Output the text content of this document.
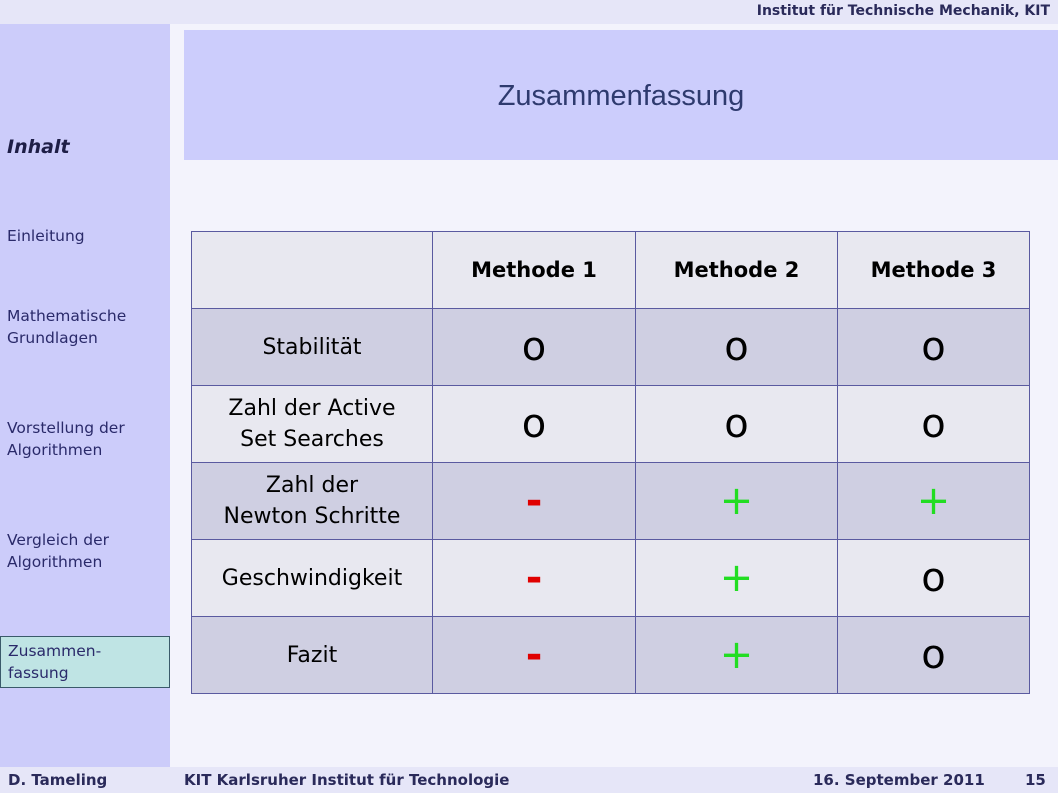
Institut für Technische Mechanik, KIT
Inhalt
Einleitung
Mathematische
Grundlagen
Vorstellung der
Algorithmen
Vergleich der
Algorithmen
Zusammen-
fassung
Zusammenfassung
	Methode 1	Methode 2	Methode 3
Stabilität	o	o	o
Zahl der Active
Set Searches	o	o	o
Zahl der
Newton Schritte	-	+	+
Geschwindigkeit	-	+	o
Fazit	-	+	o
D. Tameling	KIT Karlsruher Institut für Technologie	16. September 2011	15
